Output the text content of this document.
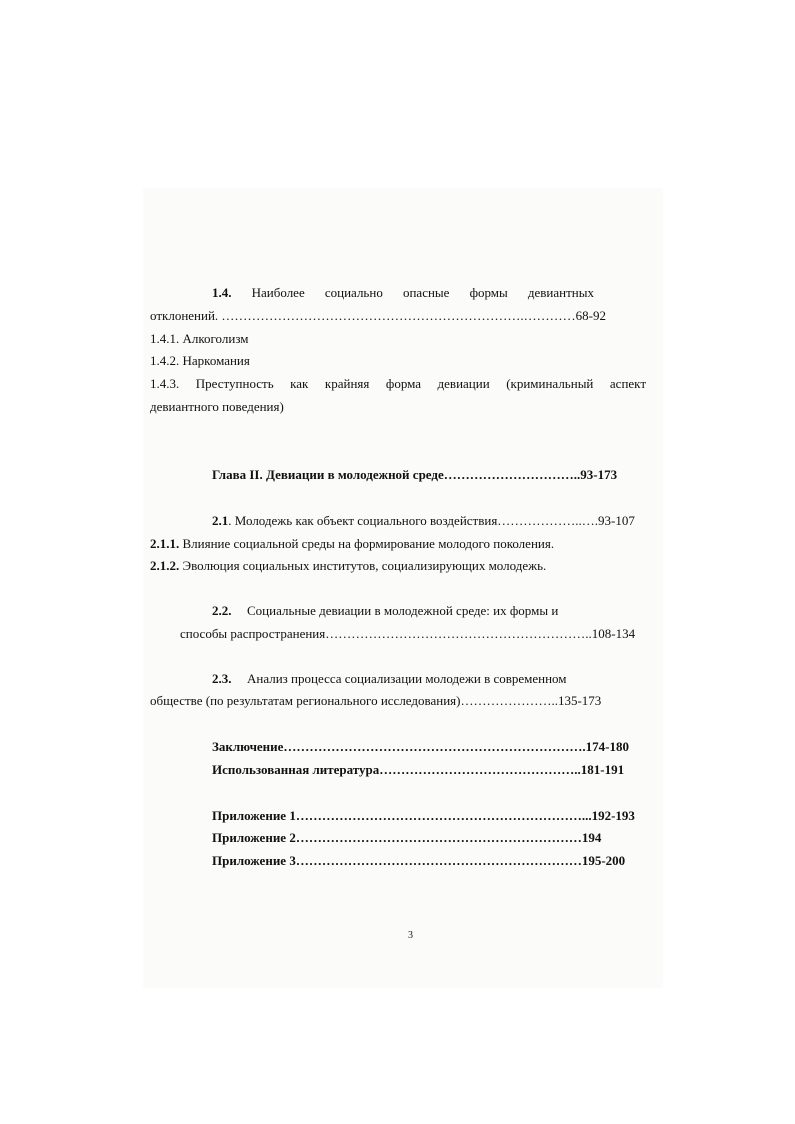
1.4. Наиболее социально опасные формы девиантных
отклонений. …………………………………………………………….…………68-92
1.4.1. Алкоголизм
1.4.2. Наркомания
1.4.3. Преступность как крайняя форма девиации (криминальный аспект
девиантного поведения)
Глава II. Девиации в молодежной среде…………………………..93-173
2.1. Молодежь как объект социального воздействия………………..….93-107
2.1.1. Влияние социальной среды на формирование молодого поколения.
2.1.2. Эволюция социальных институтов, социализирующих молодежь.
2.2. Социальные девиации в молодежной среде: их формы и
способы распространения……………………………………………………..108-134
2.3. Анализ процесса социализации молодежи в современном
обществе (по результатам регионального исследования)…………………..135-173
Заключение…………………………………………………………….174-180
Использованная литература………………………………………..181-191
Приложение 1…………………………………………………………...192-193
Приложение 2…………………………………………………………194
Приложение 3…………………………………………………………195-200
3
